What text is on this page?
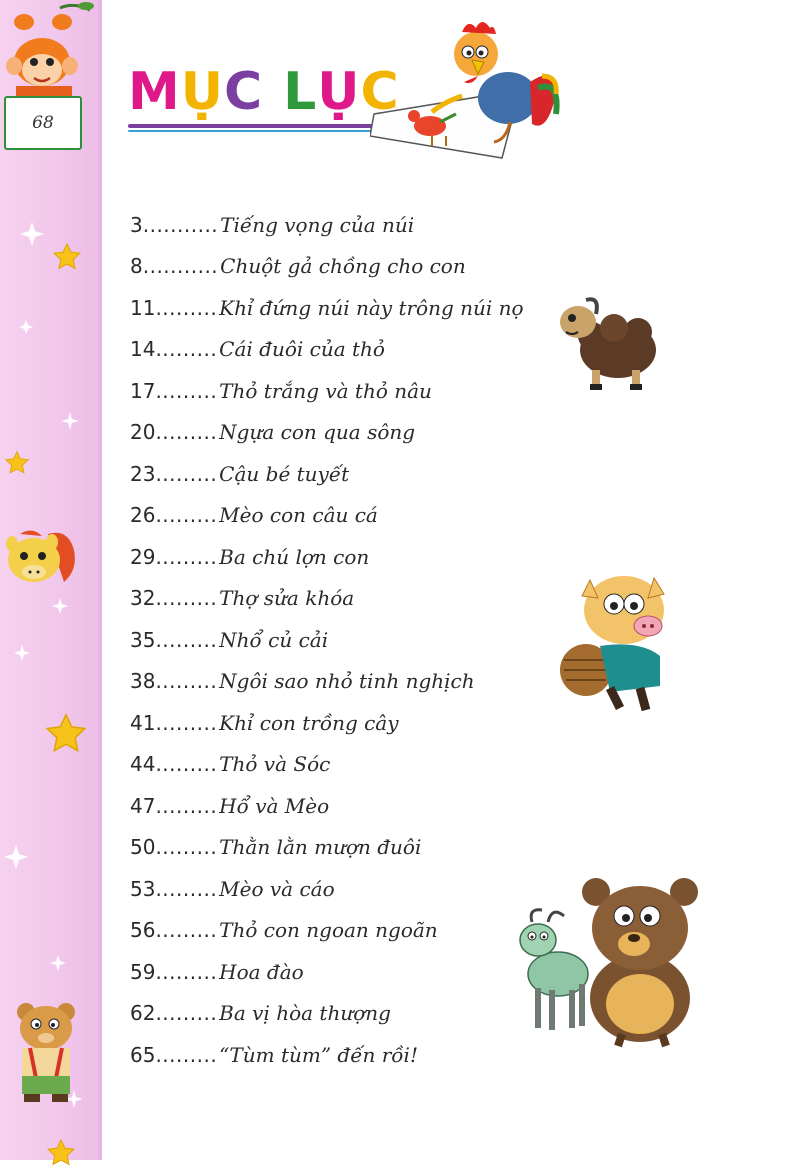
68
MỤC LỤC
3 ........... Tiếng vọng của núi
8 ........... Chuột gả chồng cho con
11 ......... Khỉ đứng núi này trông núi nọ
14 ......... Cái đuôi của thỏ
17 ......... Thỏ trắng và thỏ nâu
20 ......... Ngựa con qua sông
23 ......... Cậu bé tuyết
26 ......... Mèo con câu cá
29 ......... Ba chú lợn con
32 ......... Thợ sửa khóa
35 ......... Nhổ củ cải
38 ......... Ngôi sao nhỏ tinh nghịch
41 ......... Khỉ con trồng cây
44 ......... Thỏ và Sóc
47 ......... Hổ và Mèo
50 ......... Thằn lằn mượn đuôi
53 ......... Mèo và cáo
56 ......... Thỏ con ngoan ngoãn
59 ......... Hoa đào
62 ......... Ba vị hòa thượng
65 ......... “Tùm tùm” đến rồi!
